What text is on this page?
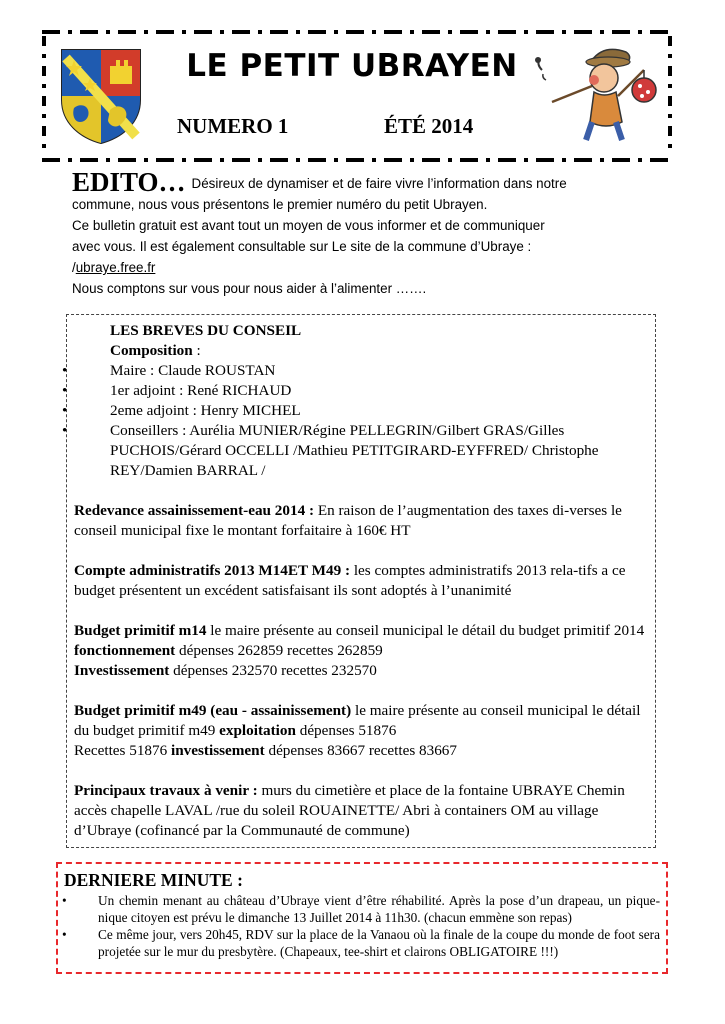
LE PETIT UBRAYEN
NUMERO 1	ÉTÉ 2014
EDITO… Désireux de dynamiser et de faire vivre l’information dans notre
commune, nous vous présentons le premier numéro du petit Ubrayen.
Ce bulletin gratuit est avant tout un moyen de vous informer et de communiquer
avec vous. Il est également consultable sur Le site de la commune d’Ubraye :
/ubraye.free.fr
Nous comptons sur vous pour nous aider à l’alimenter …….
LES BREVES DU CONSEIL
Composition :
•	Maire : Claude ROUSTAN
•	1er adjoint : René RICHAUD
•	2eme adjoint : Henry MICHEL
•	Conseillers : Aurélia MUNIER/Régine PELLEGRIN/Gilbert GRAS/Gilles PUCHOIS/Gérard OCCELLI /Mathieu PETITGIRARD-EYFFRED/ Christophe REY/Damien BARRAL /
Redevance assainissement-eau 2014 : En raison de l’augmentation des taxes di-verses le conseil municipal fixe le montant forfaitaire à 160€ HT
Compte administratifs 2013 M14ET M49 : les comptes administratifs 2013 rela-tifs a ce budget présentent un excédent satisfaisant ils sont adoptés à l’unanimité
Budget primitif m14 le maire présente au conseil municipal le détail du budget primitif 2014 fonctionnement dépenses 262859 recettes 262859
Investissement dépenses 232570 recettes 232570
Budget primitif m49 (eau - assainissement) le maire présente au conseil municipal le détail du budget primitif m49 exploitation dépenses 51876
Recettes 51876 investissement dépenses 83667 recettes 83667
Principaux travaux à venir : murs du cimetière et place de la fontaine UBRAYE Chemin accès chapelle LAVAL /rue du soleil ROUAINETTE/ Abri à containers OM au village d’Ubraye (cofinancé par la Communauté de commune)
DERNIERE MINUTE :
• Un chemin menant au château d’Ubraye vient d’être réhabilité. Après la pose d’un drapeau, un pique-nique citoyen est prévu le dimanche 13 Juillet 2014 à 11h30. (chacun emmène son repas)
• Ce même jour, vers 20h45, RDV sur la place de la Vanaou où la finale de la coupe du monde de foot sera projetée sur le mur du presbytère. (Chapeaux, tee-shirt et clairons OBLIGATOIRE !!!)
